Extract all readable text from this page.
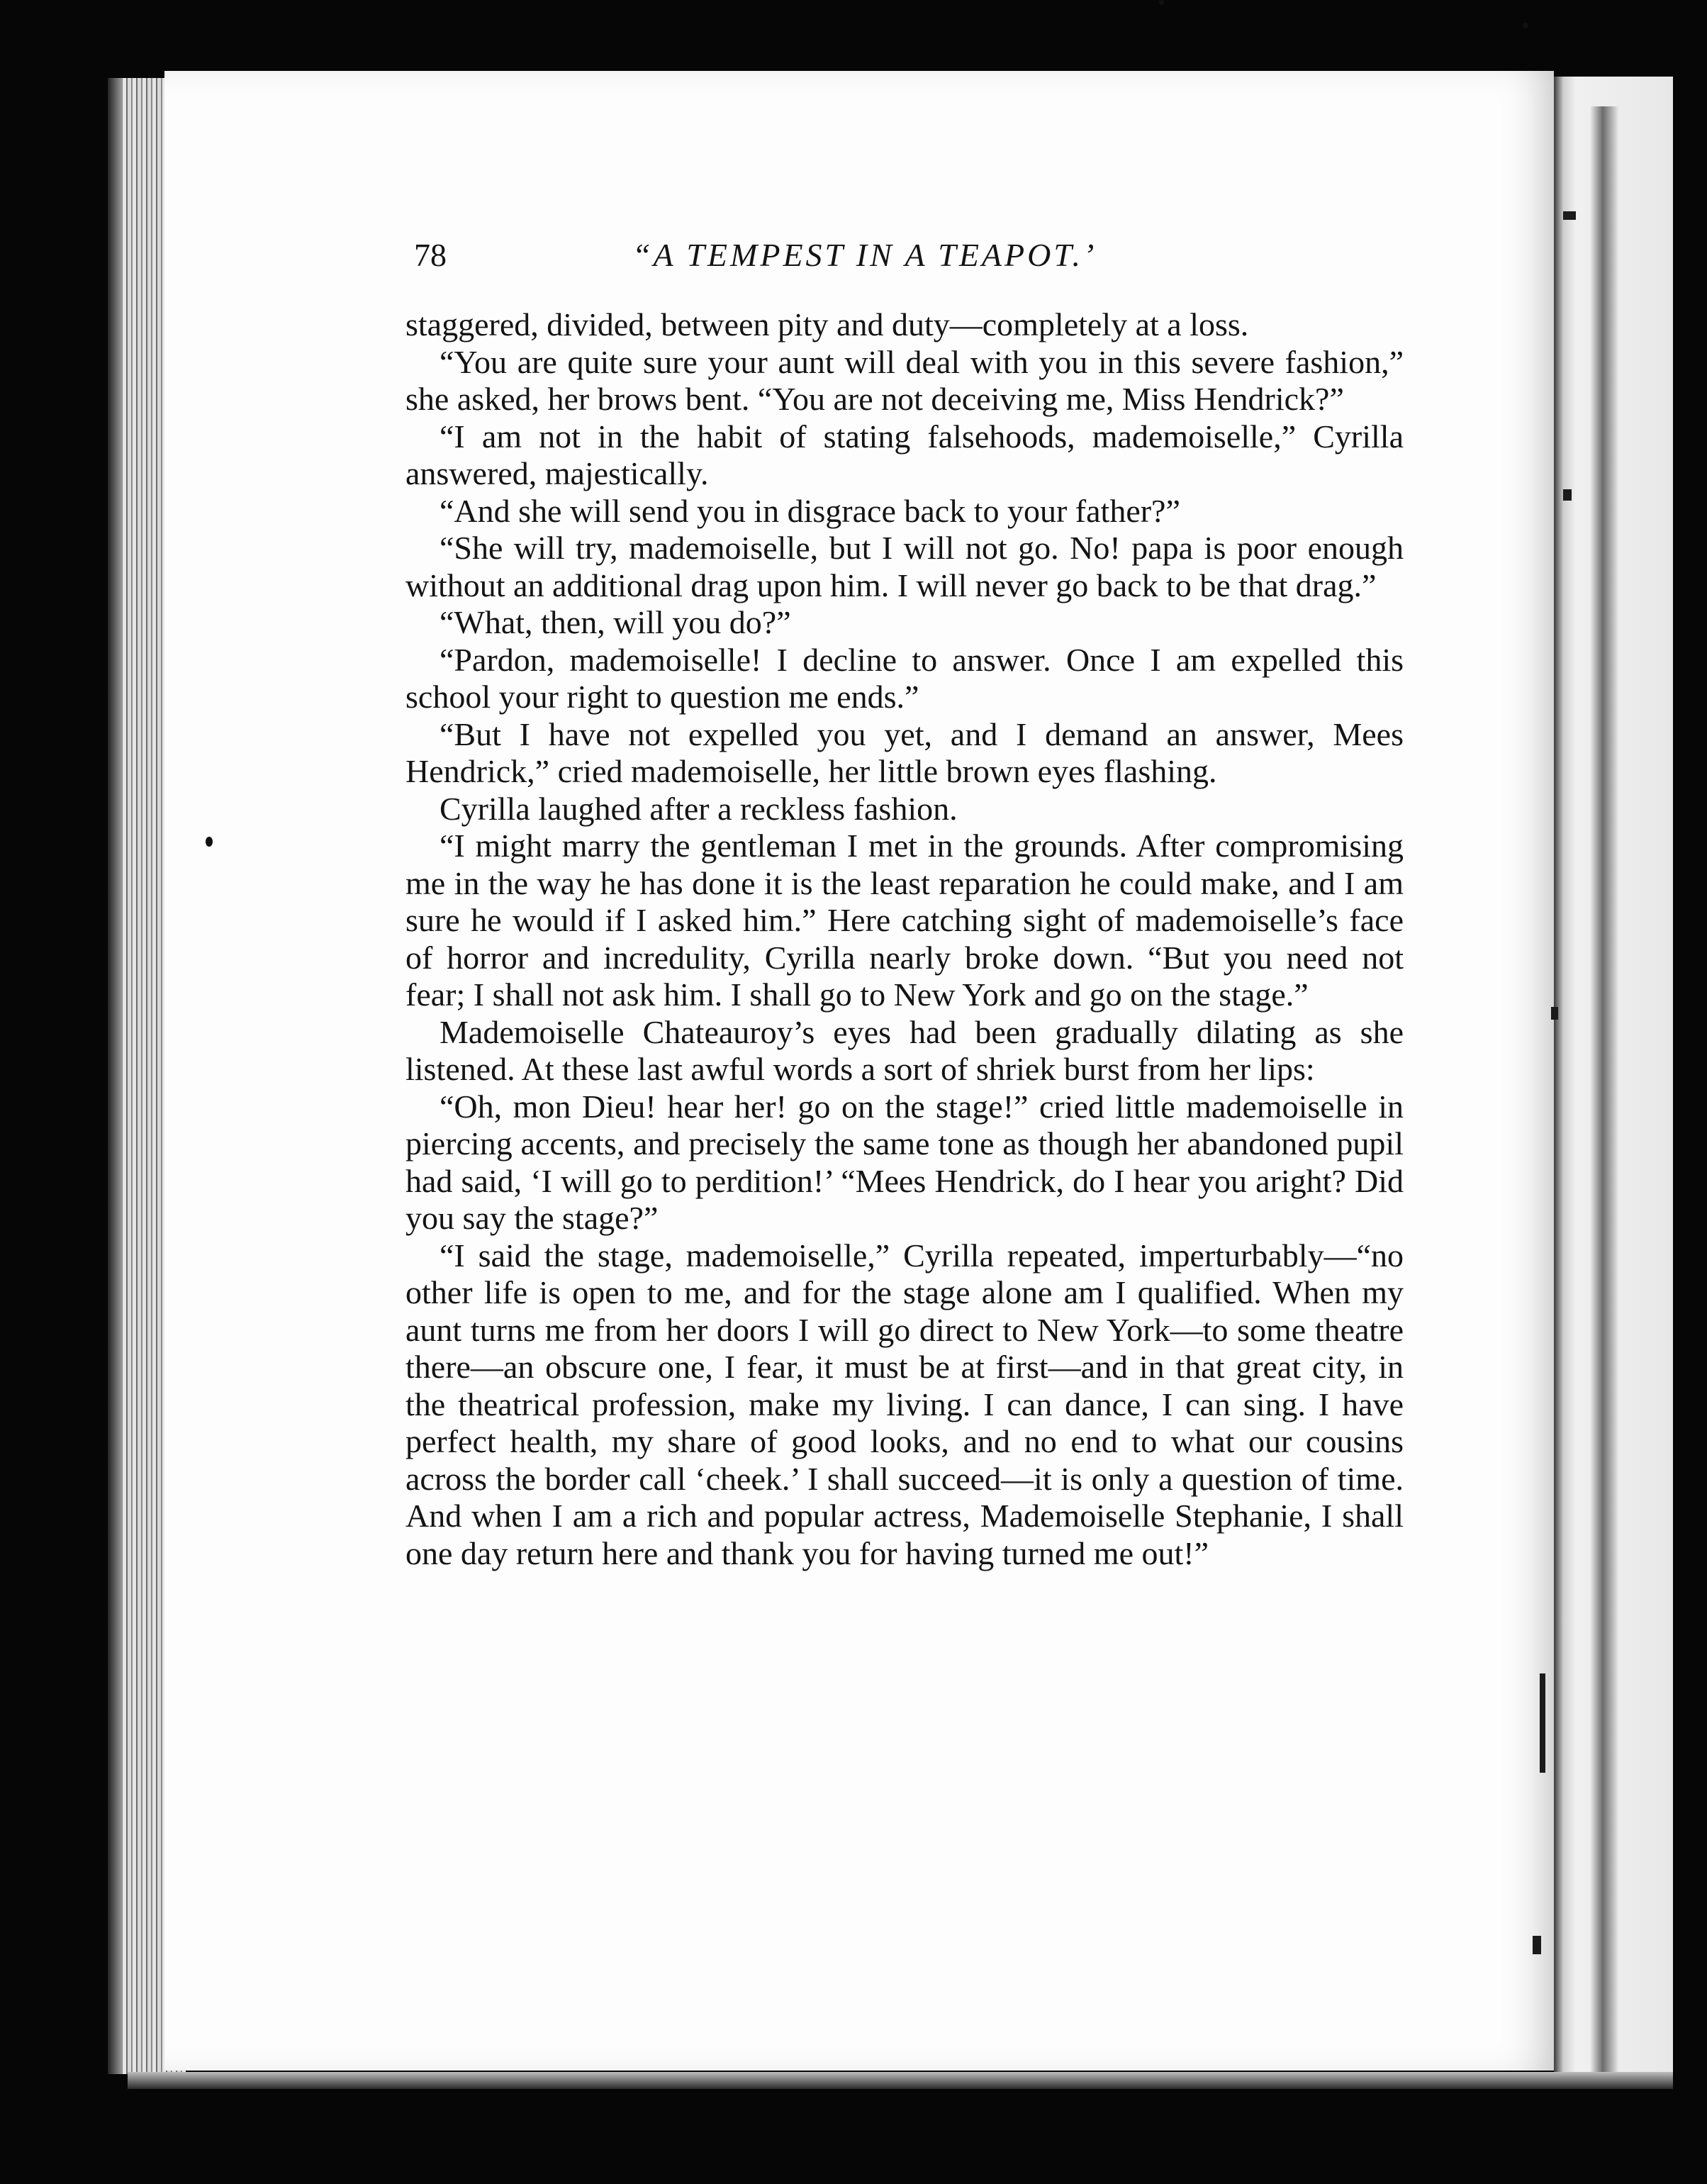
78	“A TEMPEST IN A TEAPOT.’

staggered, divided, between pity and duty—completely at a loss.

“You are quite sure your aunt will deal with you in this severe fashion,” she asked, her brows bent. “You are not deceiving me, Miss Hendrick?”

“I am not in the habit of stating falsehoods, mademoiselle,” Cyrilla answered, majestically.

“And she will send you in disgrace back to your father?”

“She will try, mademoiselle, but I will not go. No! papa is poor enough without an additional drag upon him. I will never go back to be that drag.”

“What, then, will you do?”

“Pardon, mademoiselle! I decline to answer. Once I am expelled this school your right to question me ends.”

“But I have not expelled you yet, and I demand an answer, Mees Hendrick,” cried mademoiselle, her little brown eyes flashing.

Cyrilla laughed after a reckless fashion.

“I might marry the gentleman I met in the grounds. After compromising me in the way he has done it is the least reparation he could make, and I am sure he would if I asked him.” Here catching sight of mademoiselle’s face of horror and incredulity, Cyrilla nearly broke down. “But you need not fear; I shall not ask him. I shall go to New York and go on the stage.”

Mademoiselle Chateauroy’s eyes had been gradually dilating as she listened. At these last awful words a sort of shriek burst from her lips:

“Oh, mon Dieu! hear her! go on the stage!” cried little mademoiselle in piercing accents, and precisely the same tone as though her abandoned pupil had said, ‘I will go to perdition!’ “Mees Hendrick, do I hear you aright? Did you say the stage?”

“I said the stage, mademoiselle,” Cyrilla repeated, imperturbably—“no other life is open to me, and for the stage alone am I qualified. When my aunt turns me from her doors I will go direct to New York—to some theatre there—an obscure one, I fear, it must be at first—and in that great city, in the theatrical profession, make my living. I can dance, I can sing. I have perfect health, my share of good looks, and no end to what our cousins across the border call ‘cheek.’ I shall succeed—it is only a question of time. And when I am a rich and popular actress, Mademoiselle Stephanie, I shall one day return here and thank you for having turned me out!”
